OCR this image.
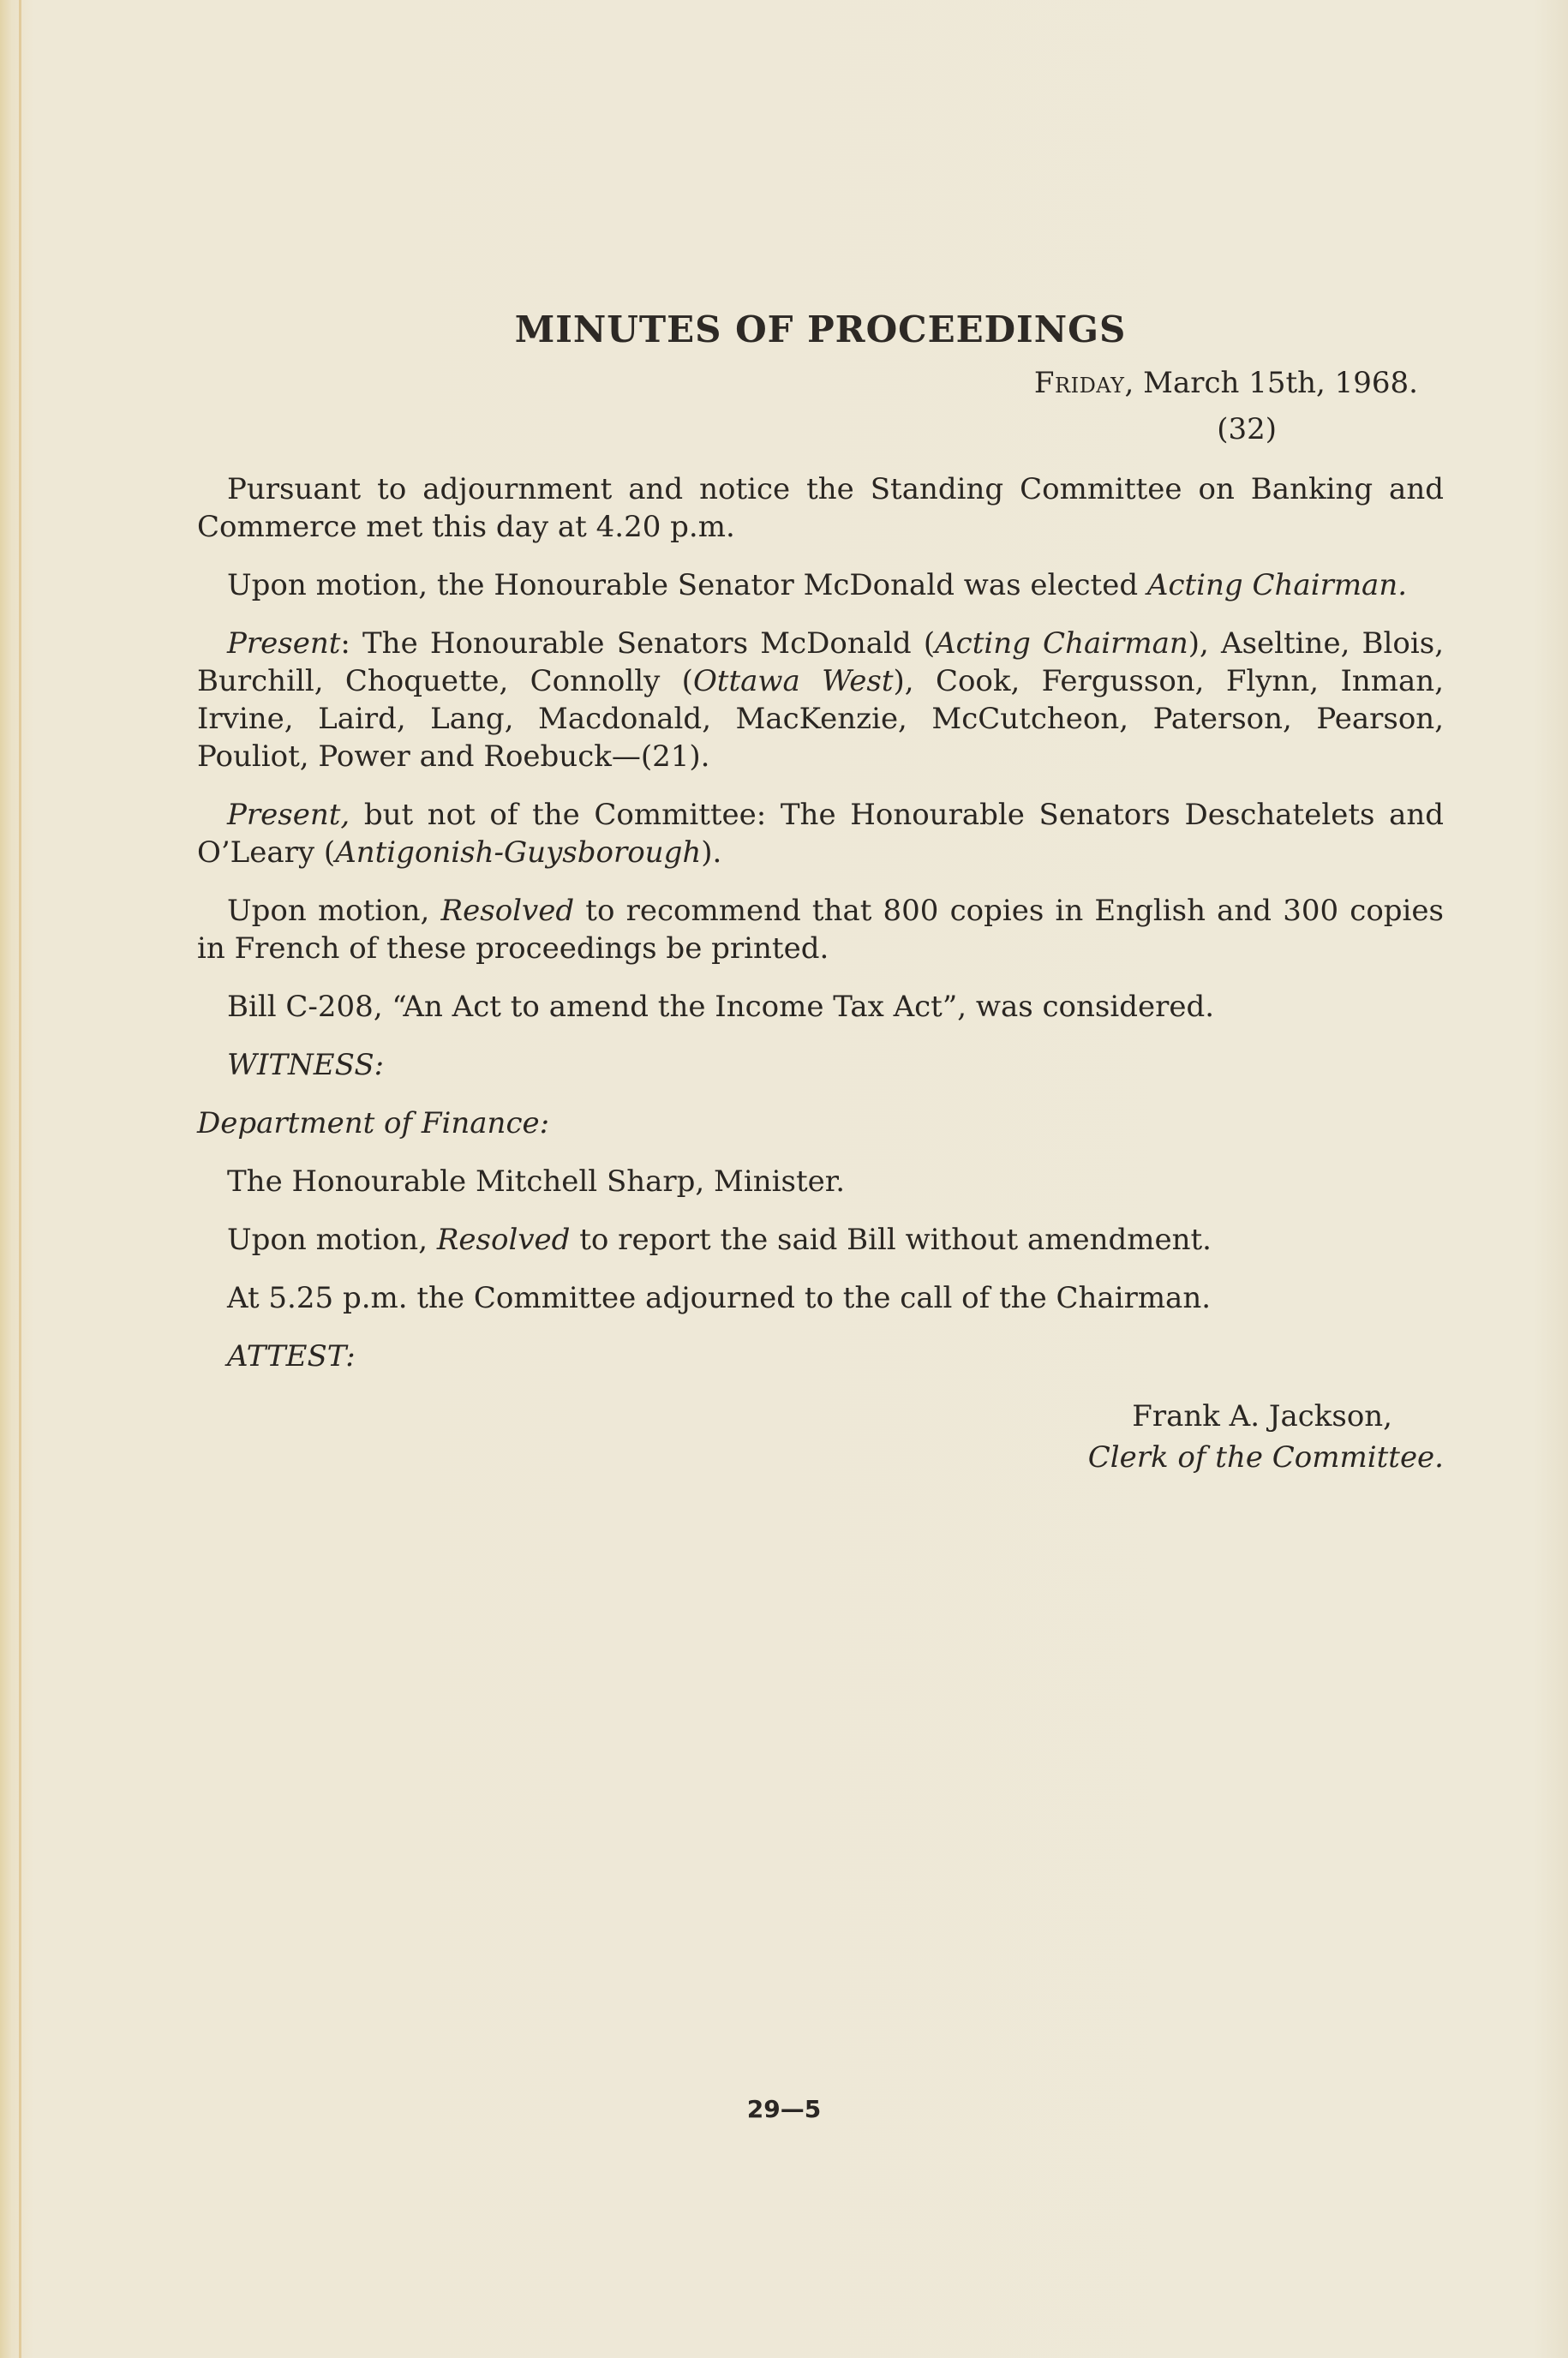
MINUTES OF PROCEEDINGS
Friday, March 15th, 1968.
(32)

Pursuant to adjournment and notice the Standing Committee on Banking and Commerce met this day at 4.20 p.m.

Upon motion, the Honourable Senator McDonald was elected Acting Chairman.

Present: The Honourable Senators McDonald (Acting Chairman), Aseltine, Blois, Burchill, Choquette, Connolly (Ottawa West), Cook, Fergusson, Flynn, Inman, Irvine, Laird, Lang, Macdonald, MacKenzie, McCutcheon, Paterson, Pearson, Pouliot, Power and Roebuck—(21).

Present, but not of the Committee: The Honourable Senators Deschatelets and O’Leary (Antigonish-Guysborough).

Upon motion, Resolved to recommend that 800 copies in English and 300 copies in French of these proceedings be printed.

Bill C-208, “An Act to amend the Income Tax Act”, was considered.

WITNESS:

Department of Finance:

The Honourable Mitchell Sharp, Minister.

Upon motion, Resolved to report the said Bill without amendment.

At 5.25 p.m. the Committee adjourned to the call of the Chairman.

ATTEST:

Frank A. Jackson,
Clerk of the Committee.
29—5
